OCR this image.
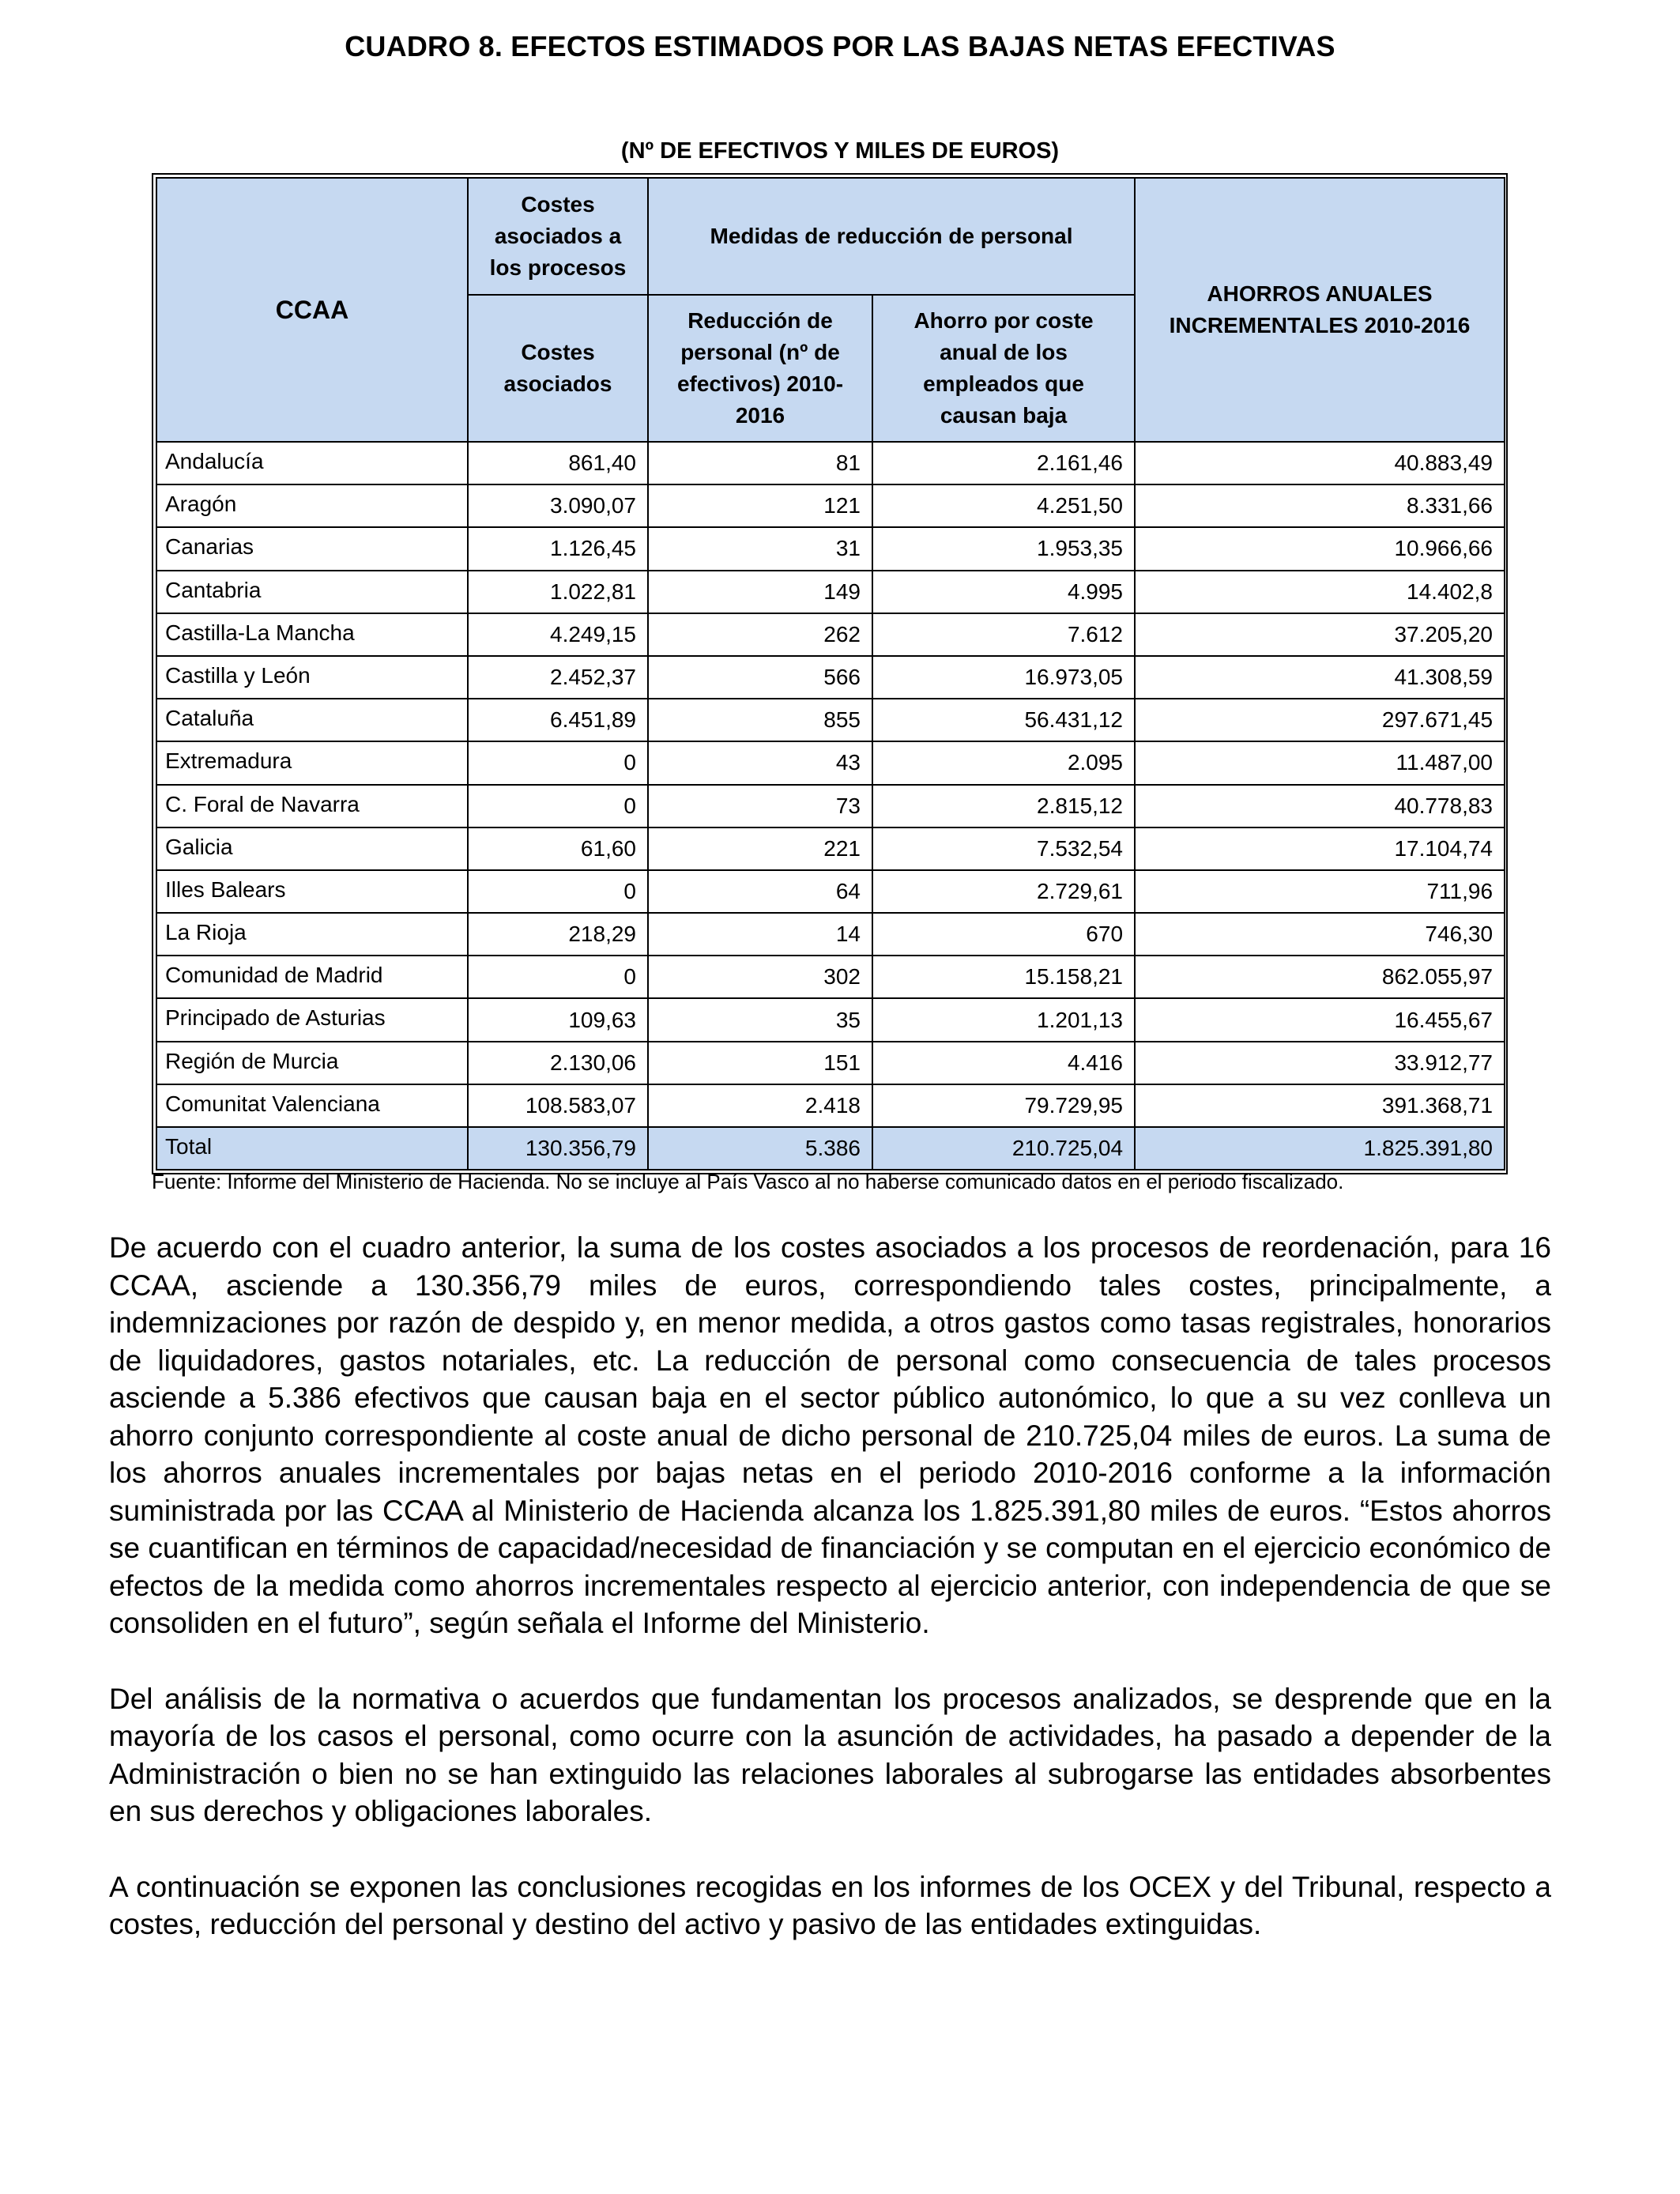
CUADRO 8. EFECTOS ESTIMADOS POR LAS BAJAS NETAS EFECTIVAS
(Nº DE EFECTIVOS Y MILES DE EUROS)
CCAA	Costes asociados a los procesos	Medidas de reducción de personal		AHORROS ANUALES INCREMENTALES 2010-2016
	Costes asociados	Reducción de personal (nº de efectivos) 2010-2016	Ahorro por coste anual de los empleados que causan baja	
Andalucía	861,40	81	2.161,46	40.883,49
Aragón	3.090,07	121	4.251,50	8.331,66
Canarias	1.126,45	31	1.953,35	10.966,66
Cantabria	1.022,81	149	4.995	14.402,8
Castilla-La Mancha	4.249,15	262	7.612	37.205,20
Castilla y León	2.452,37	566	16.973,05	41.308,59
Cataluña	6.451,89	855	56.431,12	297.671,45
Extremadura	0	43	2.095	11.487,00
C. Foral de Navarra	0	73	2.815,12	40.778,83
Galicia	61,60	221	7.532,54	17.104,74
Illes Balears	0	64	2.729,61	711,96
La Rioja	218,29	14	670	746,30
Comunidad de Madrid	0	302	15.158,21	862.055,97
Principado de Asturias	109,63	35	1.201,13	16.455,67
Región de Murcia	2.130,06	151	4.416	33.912,77
Comunitat Valenciana	108.583,07	2.418	79.729,95	391.368,71
Total	130.356,79	5.386	210.725,04	1.825.391,80
Fuente: Informe del Ministerio de Hacienda. No se incluye al País Vasco al no haberse comunicado datos en el periodo fiscalizado.

De acuerdo con el cuadro anterior, la suma de los costes asociados a los procesos de reordenación, para 16 CCAA, asciende a 130.356,79 miles de euros, correspondiendo tales costes, principalmente, a indemnizaciones por razón de despido y, en menor medida, a otros gastos como tasas registrales, honorarios de liquidadores, gastos notariales, etc. La reducción de personal como consecuencia de tales procesos asciende a 5.386 efectivos que causan baja en el sector público autonómico, lo que a su vez conlleva un ahorro conjunto correspondiente al coste anual de dicho personal de 210.725,04 miles de euros. La suma de los ahorros anuales incrementales por bajas netas en el periodo 2010-2016 conforme a la información suministrada por las CCAA al Ministerio de Hacienda alcanza los 1.825.391,80 miles de euros. “Estos ahorros se cuantifican en términos de capacidad/necesidad de financiación y se computan en el ejercicio económico de efectos de la medida como ahorros incrementales respecto al ejercicio anterior, con independencia de que se consoliden en el futuro”, según señala el Informe del Ministerio.

Del análisis de la normativa o acuerdos que fundamentan los procesos analizados, se desprende que en la mayoría de los casos el personal, como ocurre con la asunción de actividades, ha pasado a depender de la Administración o bien no se han extinguido las relaciones laborales al subrogarse las entidades absorbentes en sus derechos y obligaciones laborales.

A continuación se exponen las conclusiones recogidas en los informes de los OCEX y del Tribunal, respecto a costes, reducción del personal y destino del activo y pasivo de las entidades extinguidas.
